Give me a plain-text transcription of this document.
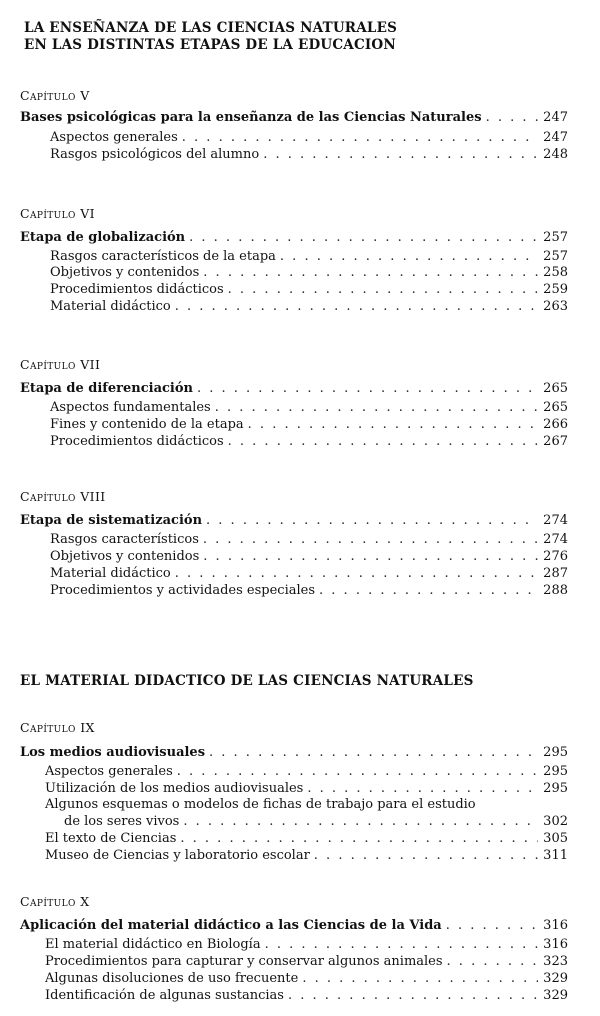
LA ENSEÑANZA DE LAS CIENCIAS NATURALES
EN LAS DISTINTAS ETAPAS DE LA EDUCACION
Capítulo V
Bases psicológicas para la enseñanza de las Ciencias Naturales . . .	247
Aspectos generales . . .	247
Rasgos psicológicos del alumno . . .	248
Capítulo VI
Etapa de globalización . . .	257
Rasgos característicos de la etapa . . .	257
Objetivos y contenidos . . .	258
Procedimientos didácticos . . .	259
Material didáctico . . .	263
Capítulo VII
Etapa de diferenciación . . .	265
Aspectos fundamentales . . .	265
Fines y contenido de la etapa . . .	266
Procedimientos didácticos . . .	267
Capítulo VIII
Etapa de sistematización . . .	274
Rasgos característicos . . .	274
Objetivos y contenidos . . .	276
Material didáctico . . .	287
Procedimientos y actividades especiales . . .	288
EL MATERIAL DIDACTICO DE LAS CIENCIAS NATURALES
Capítulo IX
Los medios audiovisuales . . .	295
Aspectos generales . . .	295
Utilización de los medios audiovisuales . . .	295
Algunos esquemas o modelos de fichas de trabajo para el estudio
de los seres vivos . . .	302
El texto de Ciencias . . .	305
Museo de Ciencias y laboratorio escolar . . .	311
Capítulo X
Aplicación del material didáctico a las Ciencias de la Vida . . .	316
El material didáctico en Biología . . .	316
Procedimientos para capturar y conservar algunos animales . . .	323
Algunas disoluciones de uso frecuente . . .	329
Identificación de algunas sustancias . . .	329
